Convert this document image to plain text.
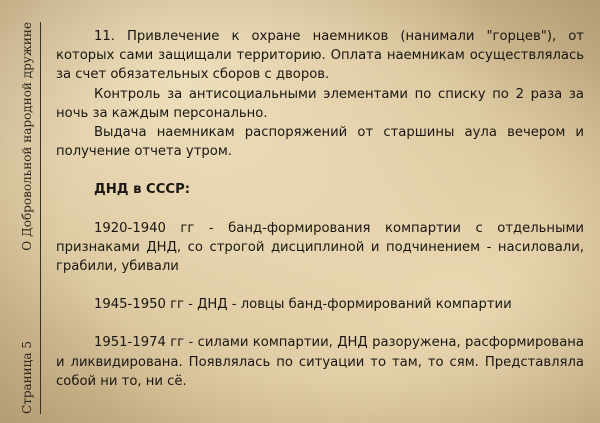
О Добровольной народной дружине
Страница 5

11. Привлечение к охране наемников (нанимали "горцев"), от которых сами защищали территорию. Оплата наемникам осуществлялась за счет обязательных сборов с дворов.

Контроль за антисоциальными элементами по списку по 2 раза за ночь за каждым персонально.

Выдача наемникам распоряжений от старшины аула вечером и получение отчета утром.

ДНД в СССР:

1920-1940 гг - банд-формирования компартии с отдельными признаками ДНД, со строгой дисциплиной и подчинением - насиловали, грабили, убивали

1945-1950 гг - ДНД - ловцы банд-формирований компартии

1951-1974 гг - силами компартии, ДНД разоружена, расформирована и ликвидирована. Появлялась по ситуации то там, то сям. Представляла собой ни то, ни сё.
